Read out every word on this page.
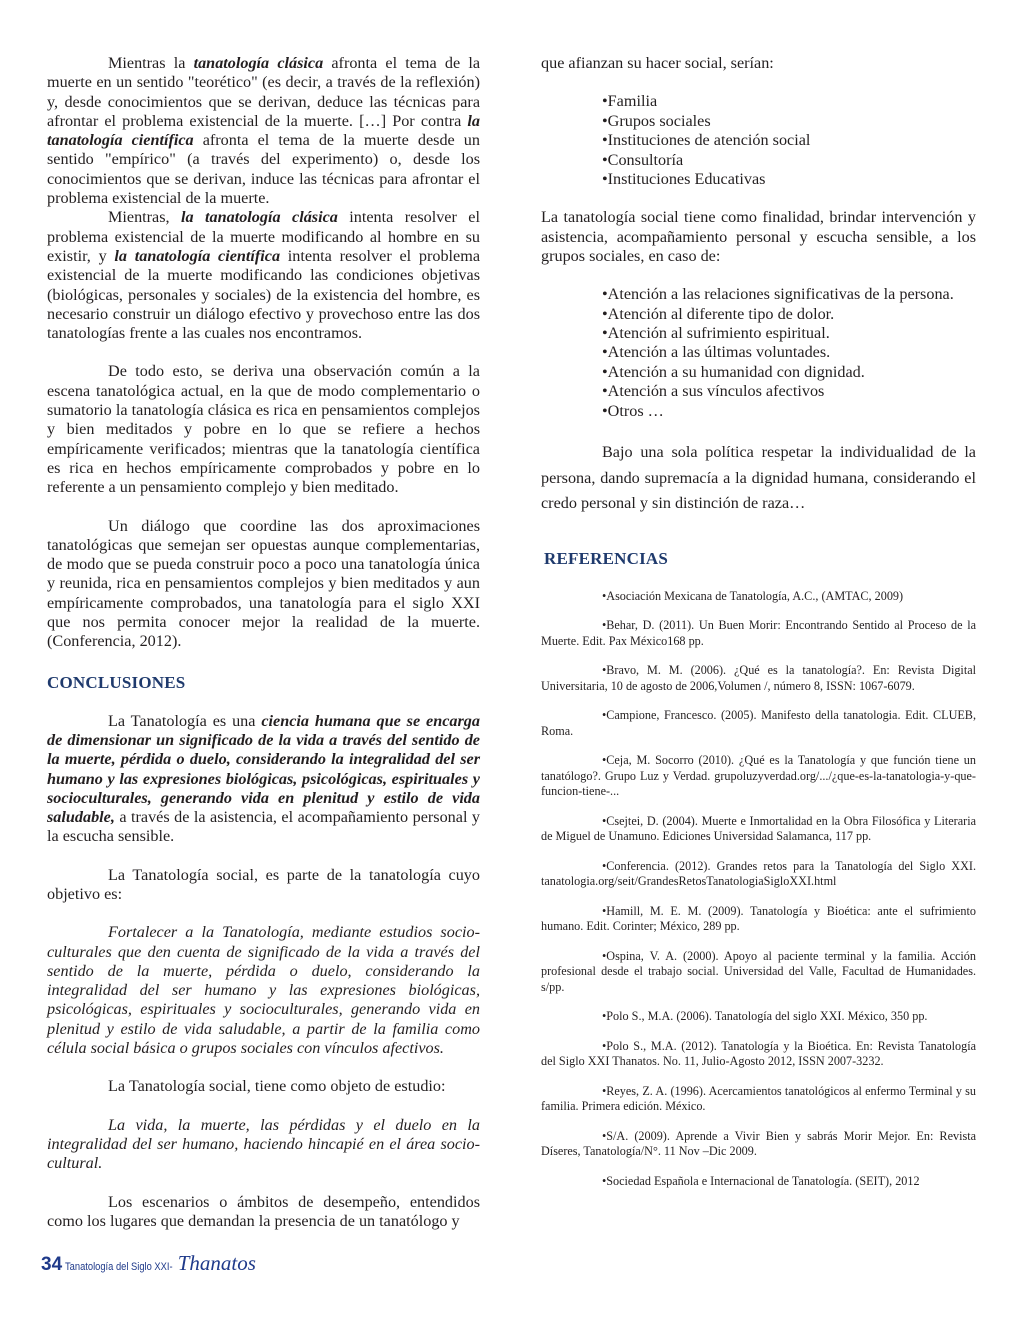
Mientras la tanatología clásica afronta el tema de la muerte en un sentido "teorético" (es decir, a través de la reflexión) y, desde conocimientos que se derivan, deduce las técnicas para afrontar el problema existencial de la muerte. […] Por contra la tanatología científica afronta el tema de la muerte desde un sentido "empírico" (a través del experimento) o, desde los conocimientos que se derivan, induce las técnicas para afrontar el problema existencial de la muerte.

Mientras, la tanatología clásica intenta resolver el problema existencial de la muerte modificando al hombre en su existir, y la tanatología científica intenta resolver el problema existencial de la muerte modificando las condiciones objetivas (biológicas, personales y sociales) de la existencia del hombre, es necesario construir un diálogo efectivo y provechoso entre las dos tanatologías frente a las cuales nos encontramos.

De todo esto, se deriva una observación común a la escena tanatológica actual, en la que de modo complementario o sumatorio la tanatología clásica es rica en pensamientos complejos y bien meditados y pobre en lo que se refiere a hechos empíricamente verificados; mientras que la tanatología científica es rica en hechos empíricamente comprobados y pobre en lo referente a un pensamiento complejo y bien meditado.

Un diálogo que coordine las dos aproximaciones tanatológicas que semejan ser opuestas aunque complementarias, de modo que se pueda construir poco a poco una tanatología única y reunida, rica en pensamientos complejos y bien meditados y aun empíricamente comprobados, una tanatología para el siglo XXI que nos permita conocer mejor la realidad de la muerte. (Conferencia, 2012).

CONCLUSIONES

La Tanatología es una ciencia humana que se encarga de dimensionar un significado de la vida a través del sentido de la muerte, pérdida o duelo, considerando la integralidad del ser humano y las expresiones biológicas, psicológicas, espirituales y socioculturales, generando vida en plenitud y estilo de vida saludable, a través de la asistencia, el acompañamiento personal y la escucha sensible.

La Tanatología social, es parte de la tanatología cuyo objetivo es:

Fortalecer a la Tanatología, mediante estudios socio-culturales que den cuenta de significado de la vida a través del sentido de la muerte, pérdida o duelo, considerando la integralidad del ser humano y las expresiones biológicas, psicológicas, espirituales y socioculturales, generando vida en plenitud y estilo de vida saludable, a partir de la familia como célula social básica o grupos sociales con vínculos afectivos.

La Tanatología social, tiene como objeto de estudio:

La vida, la muerte, las pérdidas y el duelo en la integralidad del ser humano, haciendo hincapié en el área socio-cultural.

Los escenarios o ámbitos de desempeño, entendidos como los lugares que demandan la presencia de un tanatólogo y

que afianzan su hacer social, serían:

•Familia
•Grupos sociales
•Instituciones de atención social
•Consultoría
•Instituciones Educativas

La tanatología social tiene como finalidad, brindar intervención y asistencia, acompañamiento personal y escucha sensible, a los grupos sociales, en caso de:

•Atención a las relaciones significativas de la persona.
•Atención al diferente tipo de dolor.
•Atención al sufrimiento espiritual.
•Atención a las últimas voluntades.
•Atención a su humanidad con dignidad.
•Atención a sus vínculos afectivos
•Otros …

Bajo una sola política respetar la individualidad de la persona, dando supremacía a la dignidad humana, considerando el credo personal y sin distinción de raza…

REFERENCIAS

•Asociación Mexicana de Tanatología, A.C., (AMTAC, 2009)

•Behar, D. (2011). Un Buen Morir: Encontrando Sentido al Proceso de la Muerte. Edit. Pax México168 pp.

•Bravo, M. M. (2006). ¿Qué es la tanatología?. En: Revista Digital Universitaria, 10 de agosto de 2006,Volumen /, número 8, ISSN: 1067-6079.

•Campione, Francesco. (2005). Manifesto della tanatologia. Edit. CLUEB, Roma.

•Ceja, M. Socorro (2010). ¿Qué es la Tanatología y que función tiene un tanatólogo?. Grupo Luz y Verdad. grupoluzyverdad.org/.../¿que-es-la-tanatologia-y-que-funcion-tiene-...

•Csejtei, D. (2004). Muerte e Inmortalidad en la Obra Filosófica y Literaria de Miguel de Unamuno. Ediciones Universidad Salamanca, 117 pp.

•Conferencia. (2012). Grandes retos para la Tanatología del Siglo XXI. tanatologia.org/seit/GrandesRetosTanatologiaSigloXXI.html

•Hamill, M. E. M. (2009). Tanatología y Bioética: ante el sufrimiento humano. Edit. Corinter; México, 289 pp.

•Ospina, V. A. (2000). Apoyo al paciente terminal y la familia. Acción profesional desde el trabajo social. Universidad del Valle, Facultad de Humanidades. s/pp.

•Polo S., M.A. (2006). Tanatología del siglo XXI. México, 350 pp.

•Polo S., M.A. (2012). Tanatología y la Bioética. En: Revista Tanatología del Siglo XXI Thanatos. No. 11, Julio-Agosto 2012, ISSN 2007-3232.

•Reyes, Z. A. (1996). Acercamientos tanatológicos al enfermo Terminal y su familia. Primera edición. México.

•S/A. (2009). Aprende a Vivir Bien y sabrás Morir Mejor. En: Revista Díseres, Tanatología/N°. 11 Nov –Dic 2009.

•Sociedad Española e Internacional de Tanatología. (SEIT), 2012

34 Tanatología del Siglo XXI- Thanatos
